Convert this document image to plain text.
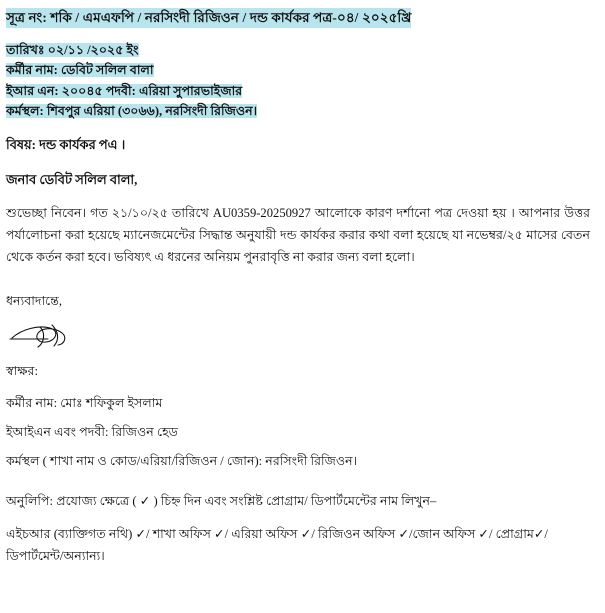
সূত্র নং: শকি / এমএফপি / নরসিংদী রিজিওন / দন্ড কার্যকর পত্র-০৪/ ২০২৫খ্রি
তারিখঃ ০২/১১ /২০২৫ ইং
কর্মীর নাম: ডেবিট সলিল বালা
ইআর এন: ২০০৪৫ পদবী: এরিয়া সুপারভাইজার
কর্মস্থল: শিবপুর এরিয়া (৩০৬৬), নরসিংদী রিজিওন।
বিষয়: দন্ড কার্যকর পএ ।
জনাব ডেবিট সলিল বালা,
শুভেচ্ছা নিবেন। গত ২১/১০/২৫ তারিখে AU0359-20250927 আলোকে কারণ দর্শানো পত্র দেওয়া হয় । আপনার উত্তর পর্যালোচনা করা হয়েছে ম্যানেজমেন্টের সিদ্ধান্ত অনুযায়ী দন্ড কার্যকর করার কথা বলা হয়েছে যা নভেম্বর/২৫ মাসের বেতন থেকে কর্তন করা হবে। ভবিষ্যৎ এ ধরনের অনিয়ম পুনরাবৃত্তি না করার জন্য বলা হলো।
ধন্যবাদান্তে,
স্বাক্ষর:
কর্মীর নাম: মোঃ শফিকুল ইসলাম
ইআইএন এবং পদবী: রিজিওন হেড
কর্মস্থল ( শাখা নাম ও কোড/এরিয়া/রিজিওন / জোন): নরসিংদী রিজিওন।
অনুলিপি: প্রযোজ্য ক্ষেত্রে ( ✓ ) চিহ্ন দিন এবং সংশ্লিষ্ট প্রোগ্রাম/ ডিপার্টমেন্টের নাম লিখুন–
এইচআর (ব্যাক্তিগত নথি) ✓/ শাখা অফিস ✓/ এরিয়া অফিস ✓/ রিজিওন অফিস ✓/জোন অফিস ✓/ প্রোগ্রাম✓/ ডিপার্টমেন্ট/অন্যান্য।
